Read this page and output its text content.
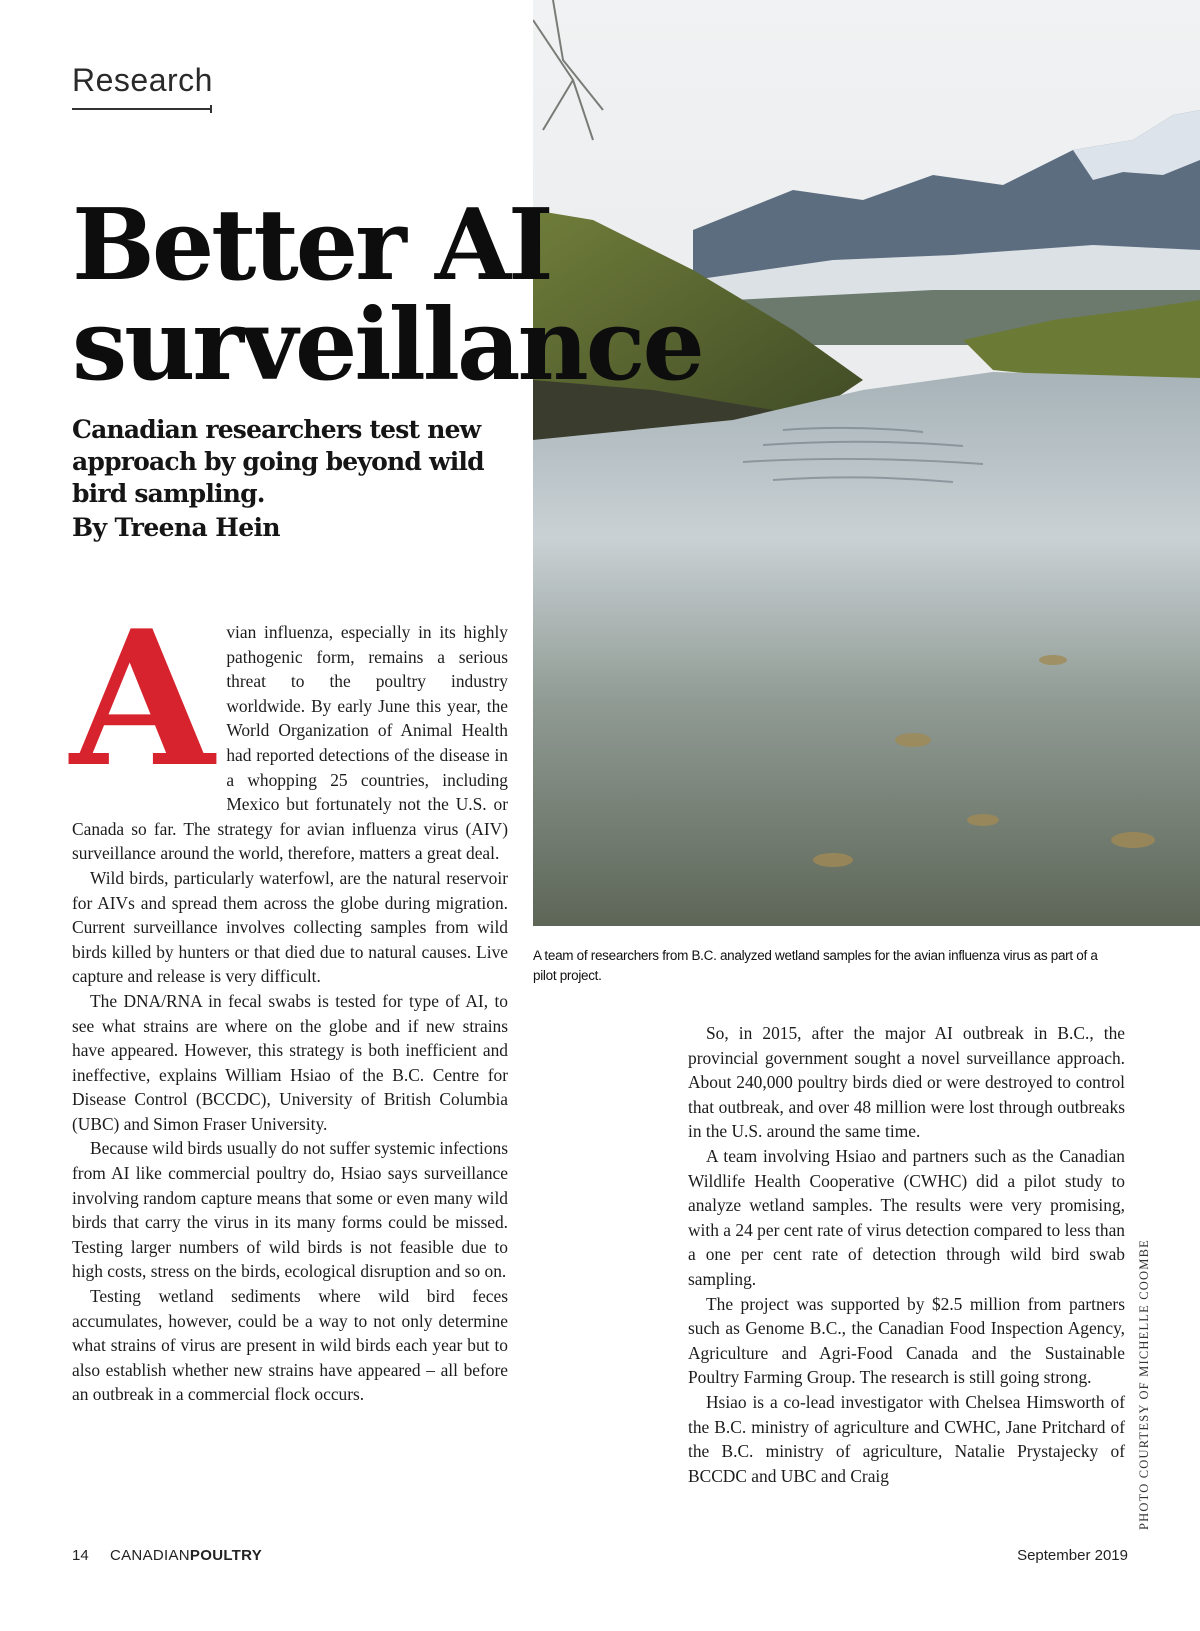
Research
Better AI
surveillance

Canadian researchers test new approach by going beyond wild bird sampling.

By Treena Hein
A team of researchers from B.C. analyzed wetland samples for the avian influenza virus as part of a pilot project.
A vian influenza, especially in its highly pathogenic form, remains a serious threat to the poultry industry worldwide. By early June this year, the World Organization of Animal Health had reported detections of the disease in a whopping 25 countries, including Mexico but fortunately not the U.S. or Canada so far. The strategy for avian influenza virus (AIV) surveillance around the world, therefore, matters a great deal.

Wild birds, particularly waterfowl, are the natural reservoir for AIVs and spread them across the globe during migration. Current surveillance involves collecting samples from wild birds killed by hunters or that died due to natural causes. Live capture and release is very difficult.

The DNA/RNA in fecal swabs is tested for type of AI, to see what strains are where on the globe and if new strains have appeared. However, this strategy is both inefficient and ineffective, explains William Hsiao of the B.C. Centre for Disease Control (BCCDC), University of British Columbia (UBC) and Simon Fraser University.

Because wild birds usually do not suffer systemic infections from AI like commercial poultry do, Hsiao says surveillance involving random capture means that some or even many wild birds that carry the virus in its many forms could be missed. Testing larger numbers of wild birds is not feasible due to high costs, stress on the birds, ecological disruption and so on.

Testing wetland sediments where wild bird feces accumulates, however, could be a way to not only determine what strains of virus are present in wild birds each year but to also establish whether new strains have appeared – all before an outbreak in a commercial flock occurs.

So, in 2015, after the major AI outbreak in B.C., the provincial government sought a novel surveillance approach. About 240,000 poultry birds died or were destroyed to control that outbreak, and over 48 million were lost through outbreaks in the U.S. around the same time.

A team involving Hsiao and partners such as the Canadian Wildlife Health Cooperative (CWHC) did a pilot study to analyze wetland samples. The results were very promising, with a 24 per cent rate of virus detection compared to less than a one per cent rate of detection through wild bird swab sampling.

The project was supported by $2.5 million from partners such as Genome B.C., the Canadian Food Inspection Agency, Agriculture and Agri-Food Canada and the Sustainable Poultry Farming Group. The research is still going strong.

Hsiao is a co-lead investigator with Chelsea Himsworth of the B.C. ministry of agriculture and CWHC, Jane Pritchard of the B.C. ministry of agriculture, Natalie Prystajecky of BCCDC and UBC and Craig	PHOTO COURTESY OF MICHELLE COOMBE
14 CANADIANPOULTRY	September 2019
